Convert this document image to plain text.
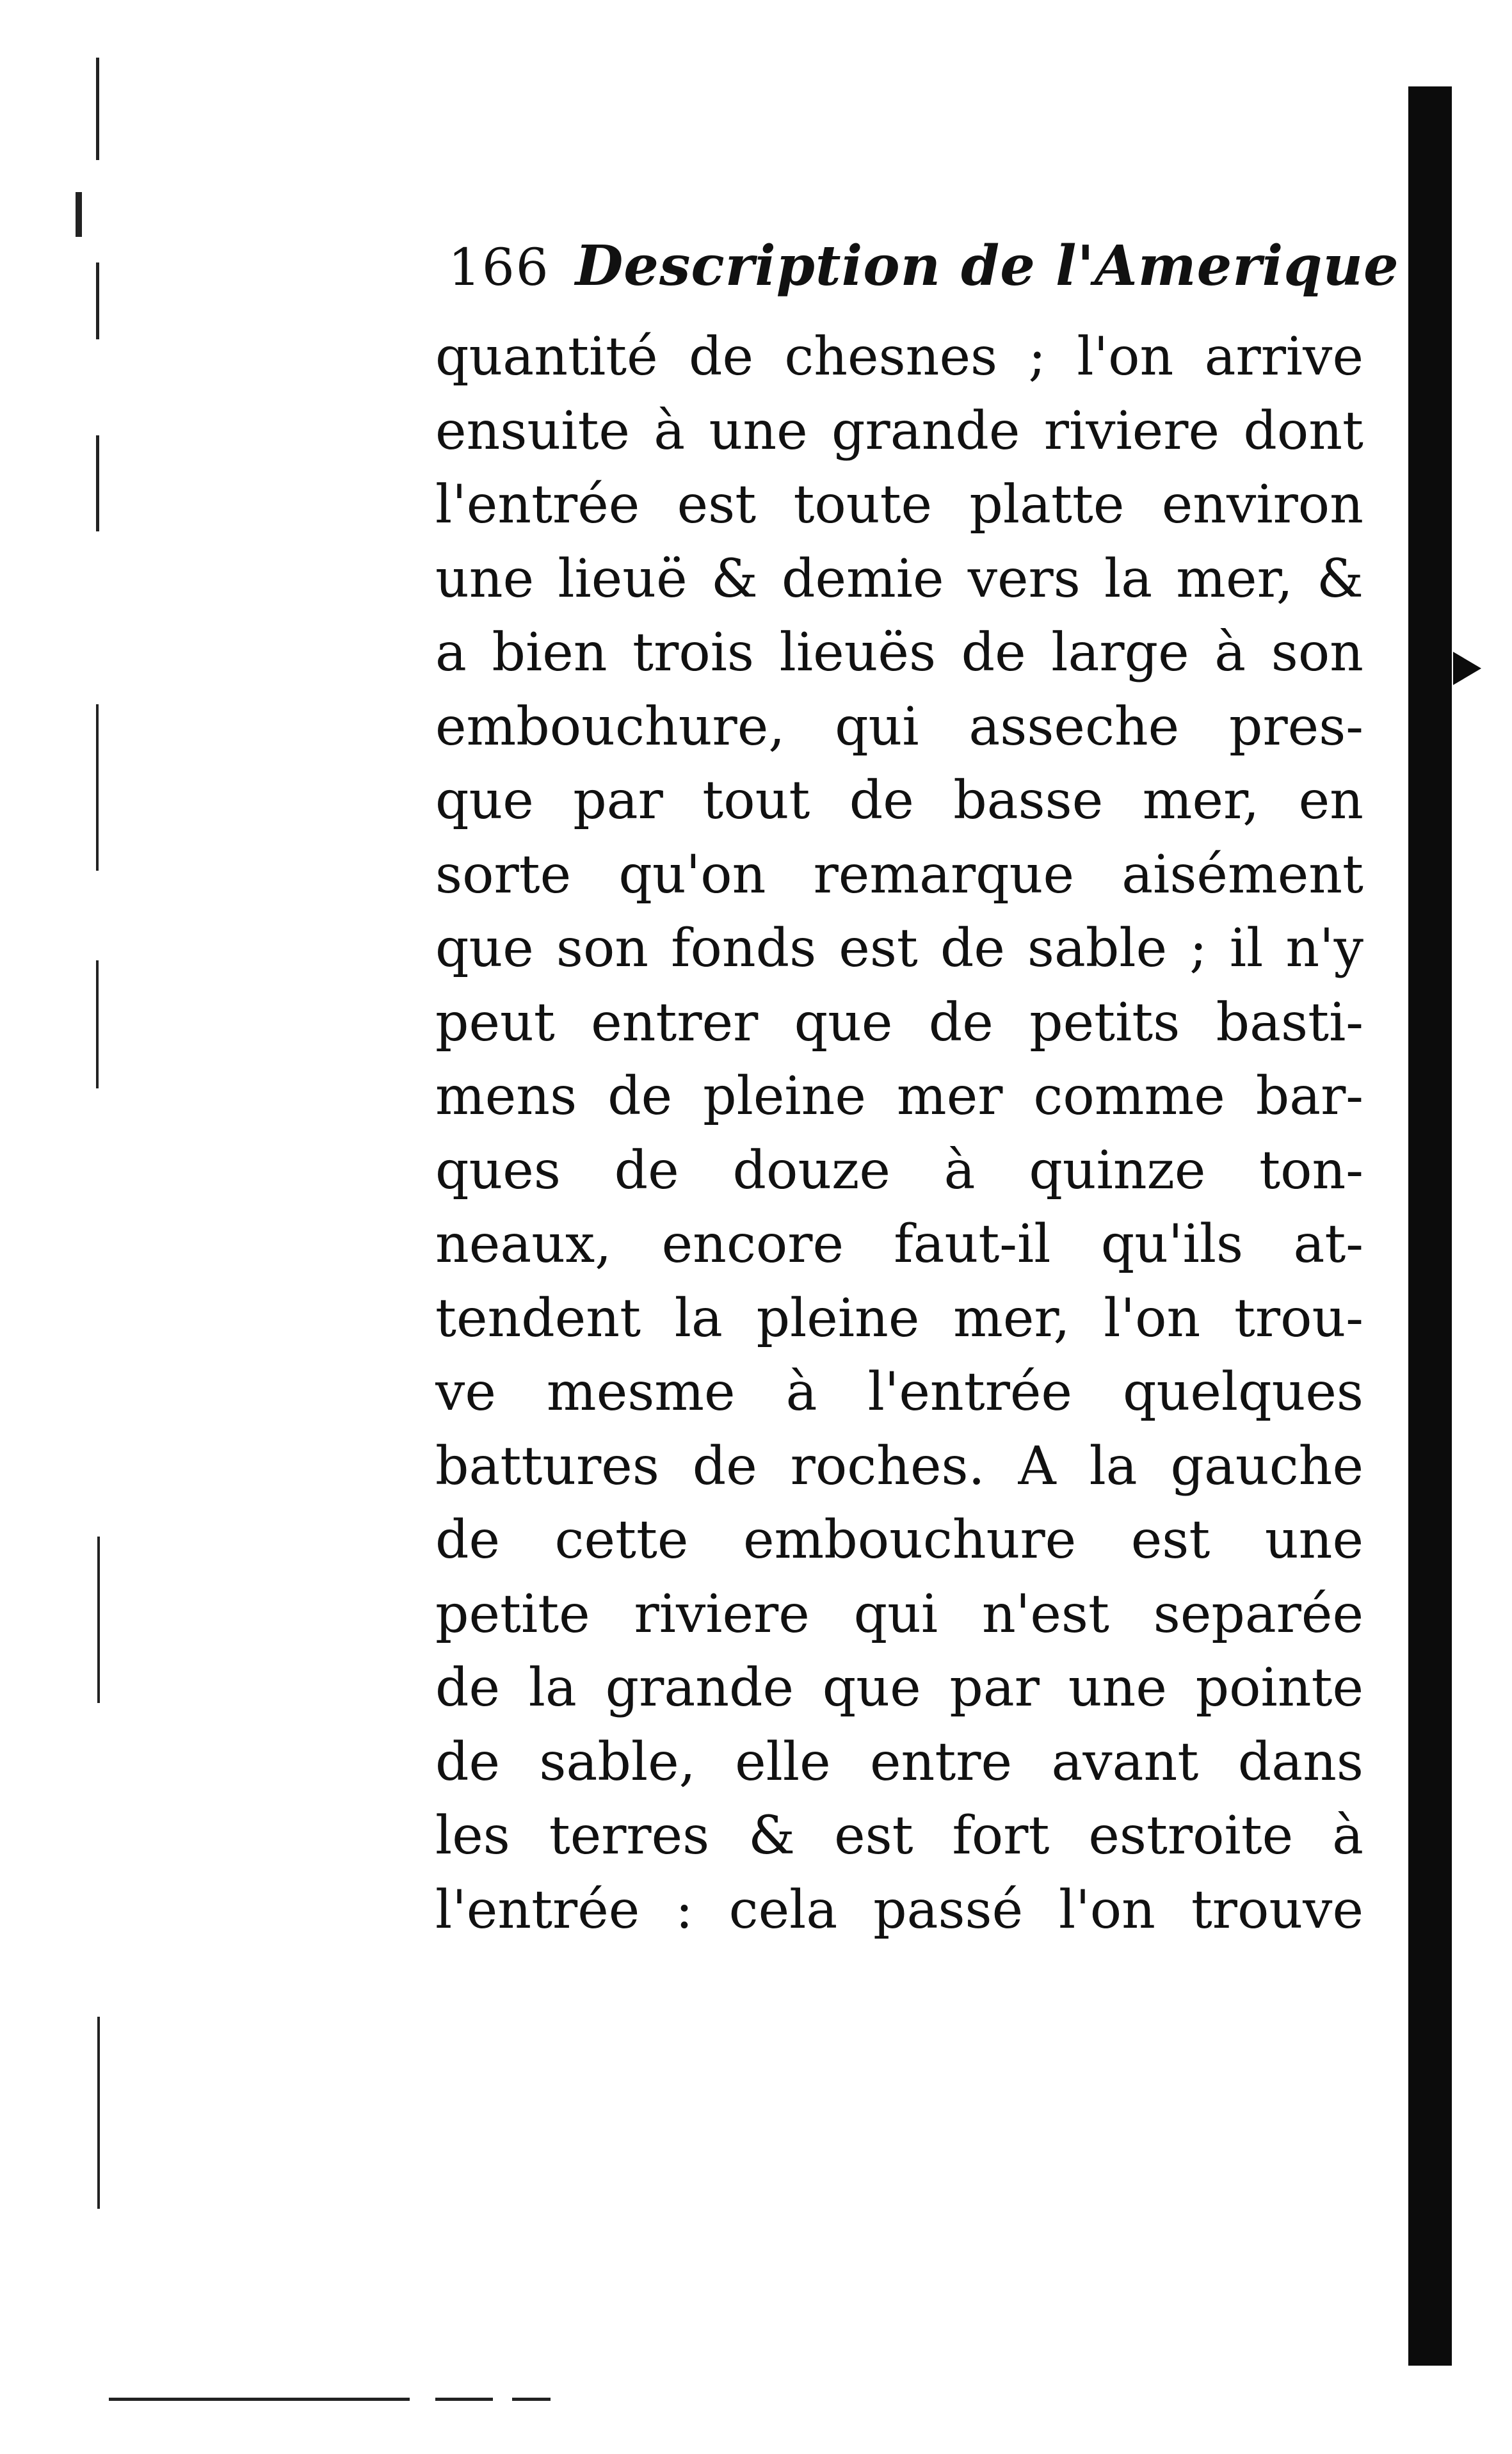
166 Description de l'Amerique
quantité de chesnes ; l'on arrive
ensuite à une grande riviere dont
l'entrée est toute platte environ
une lieuë & demie vers la mer, &
a bien trois lieuës de large à son
embouchure, qui asseche pres-
que par tout de basse mer, en
sorte qu'on remarque aisément
que son fonds est de sable ; il n'y
peut entrer que de petits basti-
mens de pleine mer comme bar-
ques de douze à quinze ton-
neaux, encore faut-il qu'ils at-
tendent la pleine mer, l'on trou-
ve mesme à l'entrée quelques
battures de roches. A la gauche
de cette embouchure est une
petite riviere qui n'est separée
de la grande que par une pointe
de sable, elle entre avant dans
les terres & est fort estroite à
l'entrée : cela passé l'on trouve
